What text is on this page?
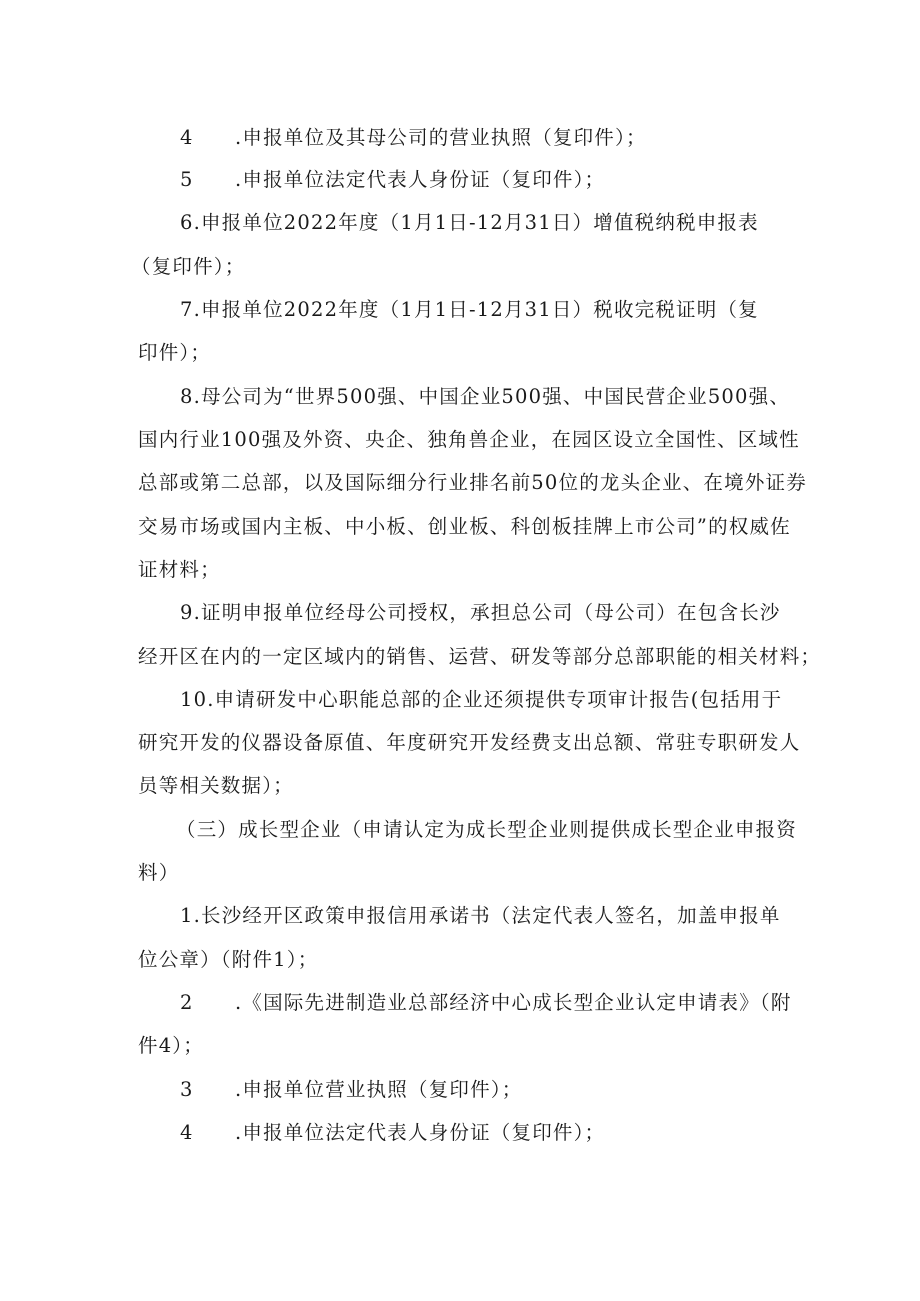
4　　.申报单位及其母公司的营业执照（复印件）；
5　　.申报单位法定代表人身份证（复印件）；
6.申报单位2022年度（1月1日-12月31日）增值税纳税申报表
（复印件）；
7.申报单位2022年度（1月1日-12月31日）税收完税证明（复
印件）；
8.母公司为“世界500强、中国企业500强、中国民营企业500强、
国内行业100强及外资、央企、独角兽企业，在园区设立全国性、区域性
总部或第二总部，以及国际细分行业排名前50位的龙头企业、在境外证券
交易市场或国内主板、中小板、创业板、科创板挂牌上市公司”的权威佐
证材料；
9.证明申报单位经母公司授权，承担总公司（母公司）在包含长沙
经开区在内的一定区域内的销售、运营、研发等部分总部职能的相关材料；
10.申请研发中心职能总部的企业还须提供专项审计报告(包括用于
研究开发的仪器设备原值、年度研究开发经费支出总额、常驻专职研发人
员等相关数据）；
（三）成长型企业（申请认定为成长型企业则提供成长型企业申报资
料）
1.长沙经开区政策申报信用承诺书（法定代表人签名，加盖申报单
位公章）（附件1）；
2　　.《国际先进制造业总部经济中心成长型企业认定申请表》（附
件4）；
3　　.申报单位营业执照（复印件）；
4　　.申报单位法定代表人身份证（复印件）；
